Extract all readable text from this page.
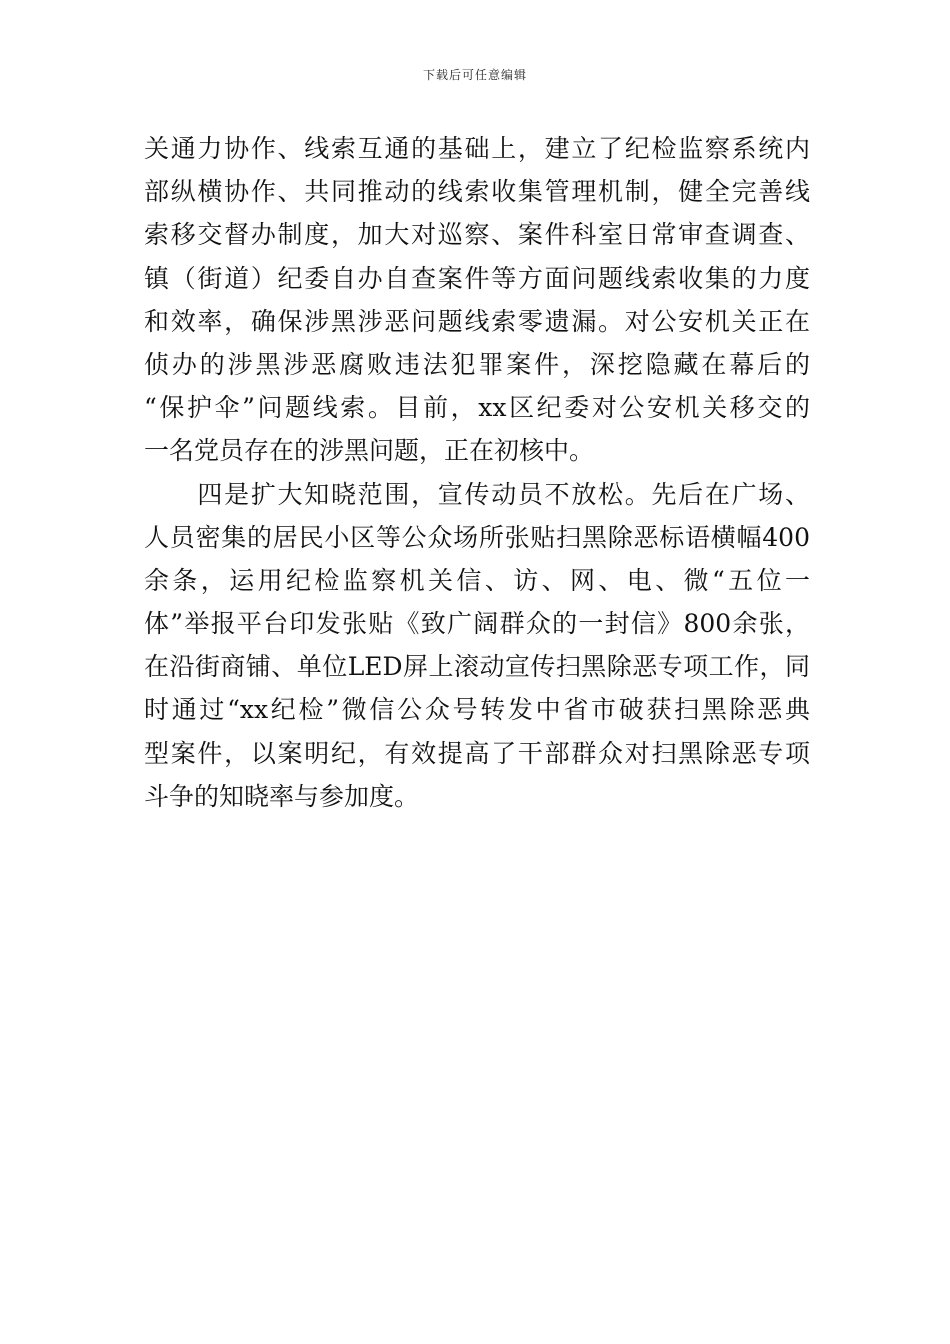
下载后可任意编辑
关通力协作、线索互通的基础上，建立了纪检监察系统内
部纵横协作、共同推动的线索收集管理机制，健全完善线
索移交督办制度，加大对巡察、案件科室日常审查调查、
镇（街道）纪委自办自查案件等方面问题线索收集的力度
和效率，确保涉黑涉恶问题线索零遗漏。对公安机关正在
侦办的涉黑涉恶腐败违法犯罪案件，深挖隐藏在幕后的
“保护伞”问题线索。目前，xx区纪委对公安机关移交的
一名党员存在的涉黑问题，正在初核中。
　　四是扩大知晓范围，宣传动员不放松。先后在广场、
人员密集的居民小区等公众场所张贴扫黑除恶标语横幅400
余条，运用纪检监察机关信、访、网、电、微“五位一
体”举报平台印发张贴《致广阔群众的一封信》800余张，
在沿街商铺、单位LED屏上滚动宣传扫黑除恶专项工作，同
时通过“xx纪检”微信公众号转发中省市破获扫黑除恶典
型案件，以案明纪，有效提高了干部群众对扫黑除恶专项
斗争的知晓率与参加度。
